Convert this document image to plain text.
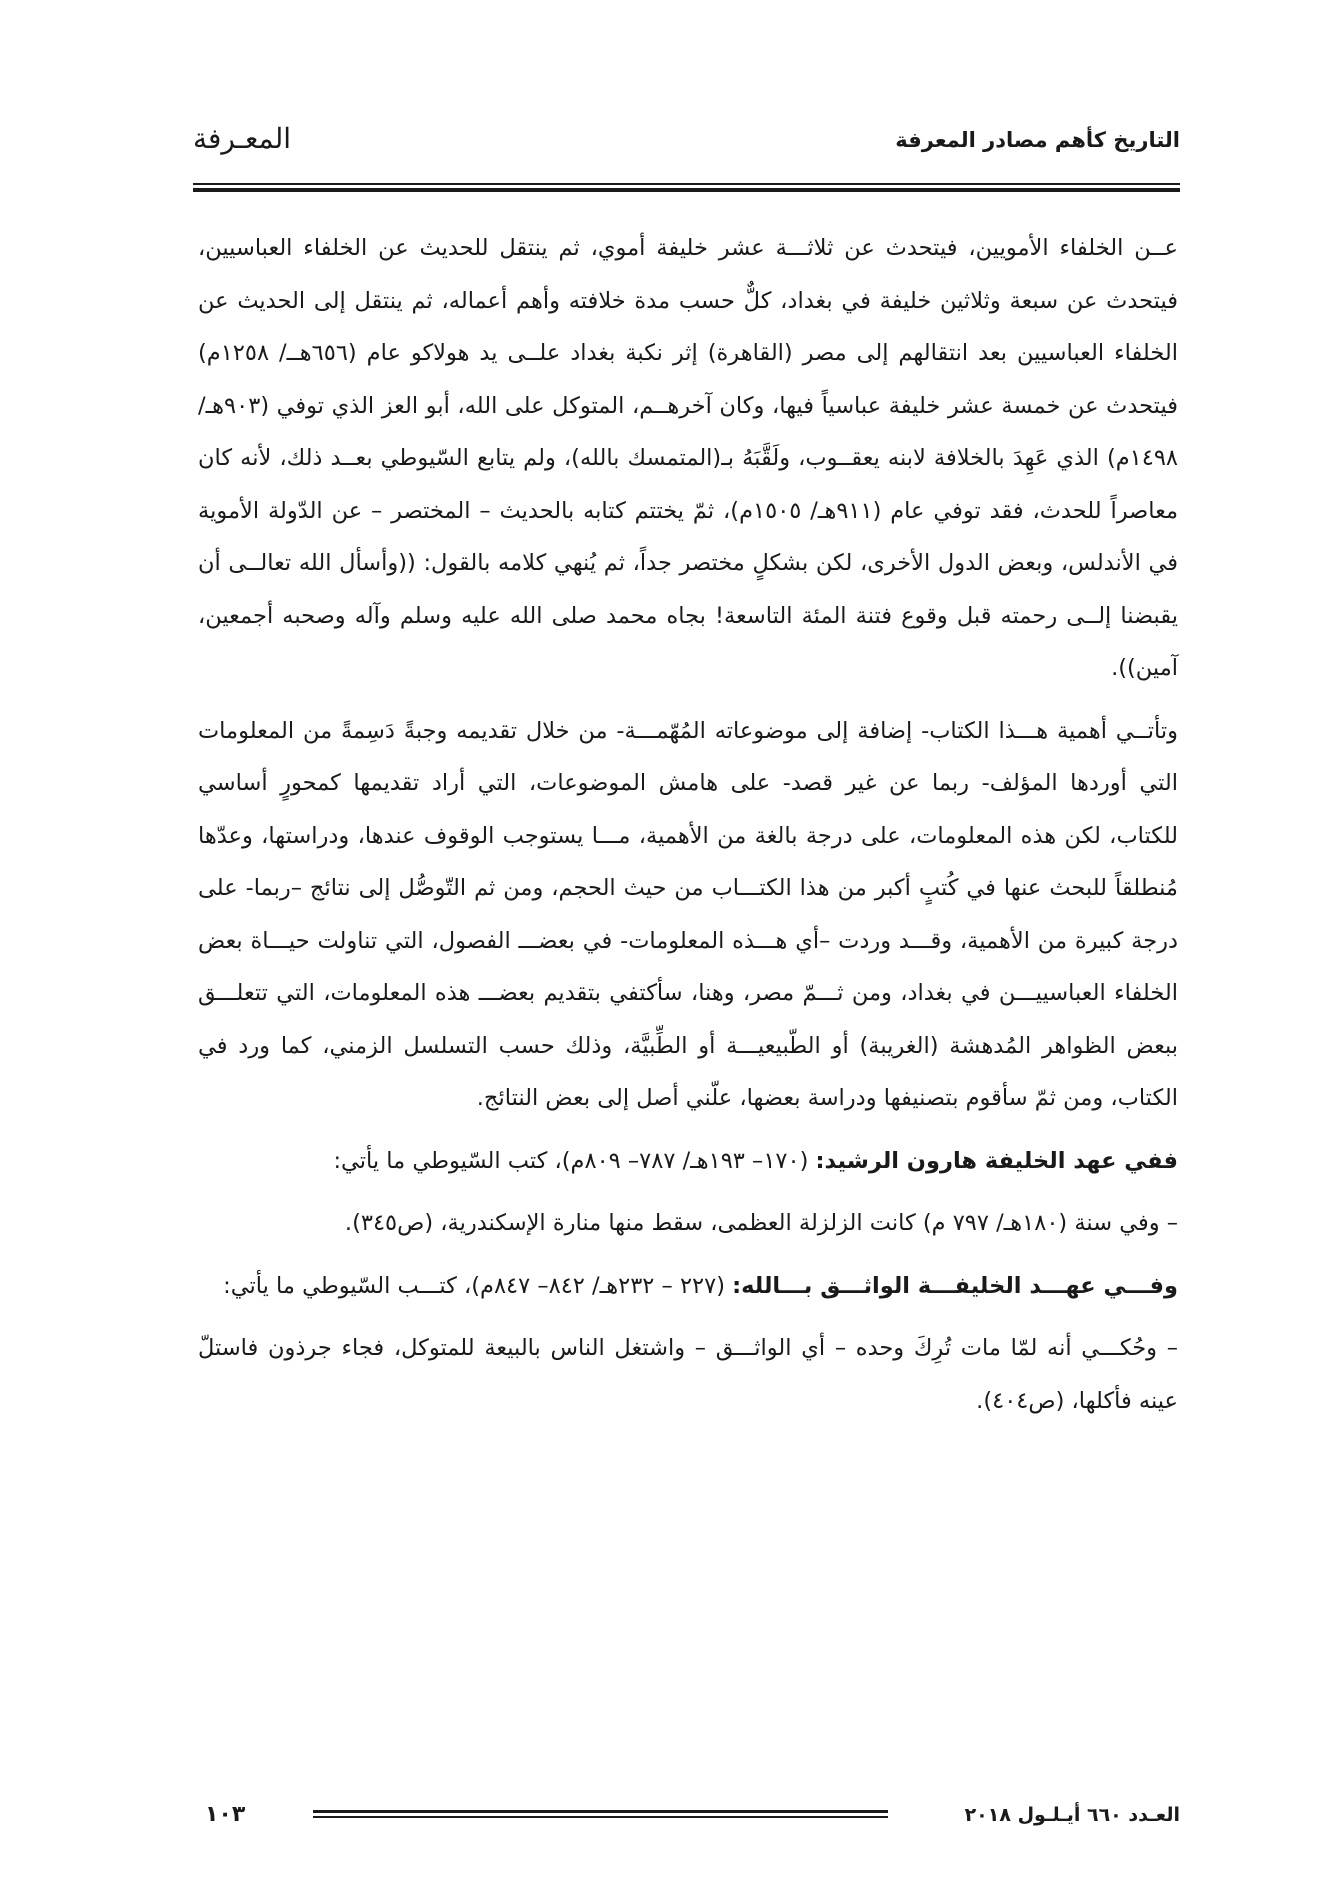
التاريخ كأهم مصادر المعرفة
المعـرفة

عــن الخلفاء الأمويين، فيتحدث عن ثلاثـــة عشر خليفة أموي، ثم ينتقل للحديث عن الخلفاء العباسيين، فيتحدث عن سبعة وثلاثين خليفة في بغداد، كلٌّ حسب مدة خلافته وأهم أعماله، ثم ينتقل إلى الحديث عن الخلفاء العباسيين بعد انتقالهم إلى مصر (القاهرة) إثر نكبة بغداد علــى يد هولاكو عام (٦٥٦هــ/ ١٢٥٨م) فيتحدث عن خمسة عشر خليفة عباسياً فيها، وكان آخرهــم، المتوكل على الله، أبو العز الذي توفي (٩٠٣هـ/ ١٤٩٨م) الذي عَهِدَ بالخلافة لابنه يعقــوب، ولَقَّبَهُ بـ(المتمسك بالله)، ولم يتابع السّيوطي بعــد ذلك، لأنه كان معاصراً للحدث، فقد توفي عام (٩١١هـ/ ١٥٠٥م)، ثمّ يختتم كتابه بالحديث – المختصر – عن الدّولة الأموية في الأندلس، وبعض الدول الأخرى، لكن بشكلٍ مختصر جداً، ثم يُنهي كلامه بالقول: ((وأسأل الله تعالــى أن يقبضنا إلــى رحمته قبل وقوع فتنة المئة التاسعة! بجاه محمد صلى الله عليه وسلم وآله وصحبه أجمعين، آمين)).

وتأتــي أهمية هـــذا الكتاب- إضافة إلى موضوعاته المُهّمـــة- من خلال تقديمه وجبةً دَسِمةً من المعلومات التي أوردها المؤلف- ربما عن غير قصد- على هامش الموضوعات، التي أراد تقديمها كمحورٍ أساسي للكتاب، لكن هذه المعلومات، على درجة بالغة من الأهمية، مـــا يستوجب الوقوف عندها، ودراستها، وعدّها مُنطلقاً للبحث عنها في كُتبٍ أكبر من هذا الكتـــاب من حيث الحجم، ومن ثم التّوصُّل إلى نتائج –ربما- على درجة كبيرة من الأهمية، وقـــد وردت –أي هـــذه المعلومات- في بعضـــ الفصول، التي تناولت حيـــاة بعض الخلفاء العباسييـــن في بغداد، ومن ثـــمّ مصر، وهنا، سأكتفي بتقديم بعضـــ هذه المعلومات، التي تتعلـــق ببعض الظواهر المُدهشة (الغريبة) أو الطّبيعيـــة أو الطِّبيَّة، وذلك حسب التسلسل الزمني، كما ورد في الكتاب، ومن ثمّ سأقوم بتصنيفها ودراسة بعضها، علّني أصل إلى بعض النتائج.

ففي عهد الخليفة هارون الرشيد: (١٧٠– ١٩٣هـ/ ٧٨٧– ٨٠٩م)، كتب السّيوطي ما يأتي:

– وفي سنة (١٨٠هـ/ ٧٩٧ م) كانت الزلزلة العظمى، سقط منها منارة الإسكندرية، (ص٣٤٥).

وفـــي عهـــد الخليفـــة الواثـــق بـــالله: (٢٢٧ – ٢٣٢هـ/ ٨٤٢– ٨٤٧م)، كتـــب السّيوطي ما يأتي:

– وحُكـــي أنه لمّا مات تُرِكَ وحده – أي الواثـــق – واشتغل الناس بالبيعة للمتوكل، فجاء جرذون فاستلّ عينه فأكلها، (ص٤٠٤).

العـدد ٦٦٠ أيـلـول ٢٠١٨
١٠٣
